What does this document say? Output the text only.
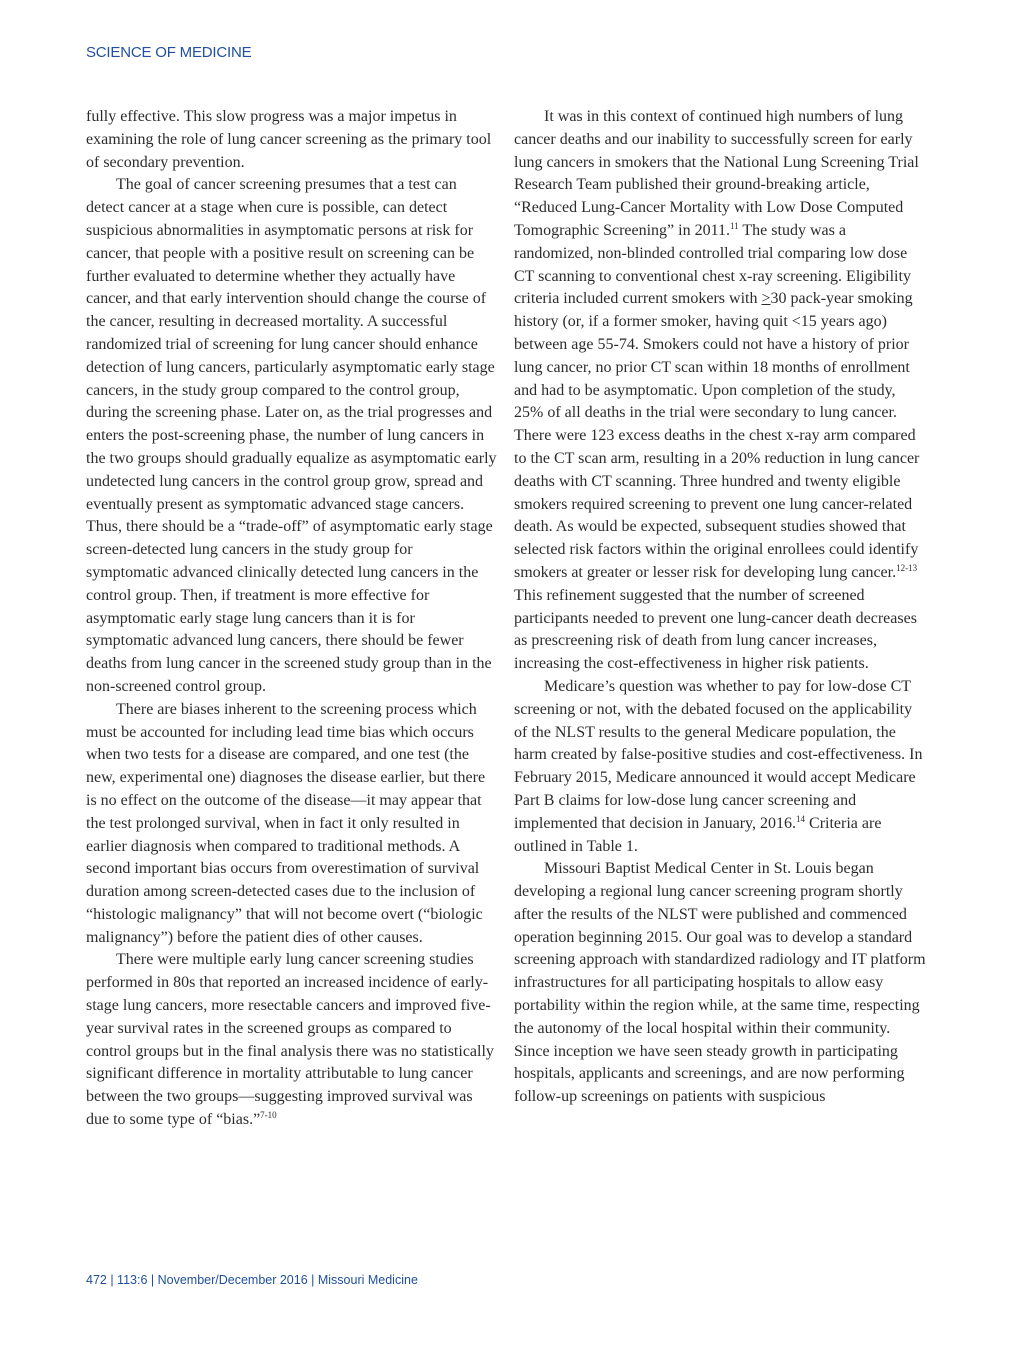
SCIENCE OF MEDICINE

fully effective. This slow progress was a major impetus in examining the role of lung cancer screening as the primary tool of secondary prevention.

The goal of cancer screening presumes that a test can detect cancer at a stage when cure is possible, can detect suspicious abnormalities in asymptomatic persons at risk for cancer, that people with a positive result on screening can be further evaluated to determine whether they actually have cancer, and that early intervention should change the course of the cancer, resulting in decreased mortality. A successful randomized trial of screening for lung cancer should enhance detection of lung cancers, particularly asymptomatic early stage cancers, in the study group compared to the control group, during the screening phase. Later on, as the trial progresses and enters the post-screening phase, the number of lung cancers in the two groups should gradually equalize as asymptomatic early undetected lung cancers in the control group grow, spread and eventually present as symptomatic advanced stage cancers. Thus, there should be a “trade-off” of asymptomatic early stage screen-detected lung cancers in the study group for symptomatic advanced clinically detected lung cancers in the control group. Then, if treatment is more effective for asymptomatic early stage lung cancers than it is for symptomatic advanced lung cancers, there should be fewer deaths from lung cancer in the screened study group than in the non-screened control group.

There are biases inherent to the screening process which must be accounted for including lead time bias which occurs when two tests for a disease are compared, and one test (the new, experimental one) diagnoses the disease earlier, but there is no effect on the outcome of the disease—it may appear that the test prolonged survival, when in fact it only resulted in earlier diagnosis when compared to traditional methods. A second important bias occurs from overestimation of survival duration among screen-detected cases due to the inclusion of “histologic malignancy” that will not become overt (“biologic malignancy”) before the patient dies of other causes.

There were multiple early lung cancer screening studies performed in 80s that reported an increased incidence of early-stage lung cancers, more resectable cancers and improved five-year survival rates in the screened groups as compared to control groups but in the final analysis there was no statistically significant difference in mortality attributable to lung cancer between the two groups—suggesting improved survival was due to some type of “bias.”$^{7-10}$

It was in this context of continued high numbers of lung cancer deaths and our inability to successfully screen for early lung cancers in smokers that the National Lung Screening Trial Research Team published their ground-breaking article, “Reduced Lung-Cancer Mortality with Low Dose Computed Tomographic Screening” in 2011.11 The study was a randomized, non-blinded controlled trial comparing low dose CT scanning to conventional chest x-ray screening. Eligibility criteria included current smokers with ≥30 pack-year smoking history (or, if a former smoker, having quit <15 years ago) between age 55-74. Smokers could not have a history of prior lung cancer, no prior CT scan within 18 months of enrollment and had to be asymptomatic. Upon completion of the study, 25% of all deaths in the trial were secondary to lung cancer. There were 123 excess deaths in the chest x-ray arm compared to the CT scan arm, resulting in a 20% reduction in lung cancer deaths with CT scanning. Three hundred and twenty eligible smokers required screening to prevent one lung cancer-related death. As would be expected, subsequent studies showed that selected risk factors within the original enrollees could identify smokers at greater or lesser risk for developing lung cancer.$^{12-13}$ This refinement suggested that the number of screened participants needed to prevent one lung-cancer death decreases as prescreening risk of death from lung cancer increases, increasing the cost-effectiveness in higher risk patients.

Medicare’s question was whether to pay for low-dose CT screening or not, with the debated focused on the applicability of the NLST results to the general Medicare population, the harm created by false-positive studies and cost-effectiveness. In February 2015, Medicare announced it would accept Medicare Part B claims for low-dose lung cancer screening and implemented that decision in January, 2016.14 Criteria are outlined in Table 1.

Missouri Baptist Medical Center in St. Louis began developing a regional lung cancer screening program shortly after the results of the NLST were published and commenced operation beginning 2015. Our goal was to develop a standard screening approach with standardized radiology and IT platform infrastructures for all participating hospitals to allow easy portability within the region while, at the same time, respecting the autonomy of the local hospital within their community. Since inception we have seen steady growth in participating hospitals, applicants and screenings, and are now performing follow-up screenings on patients with suspicious

472 | 113:6 | November/December 2016 | Missouri Medicine
